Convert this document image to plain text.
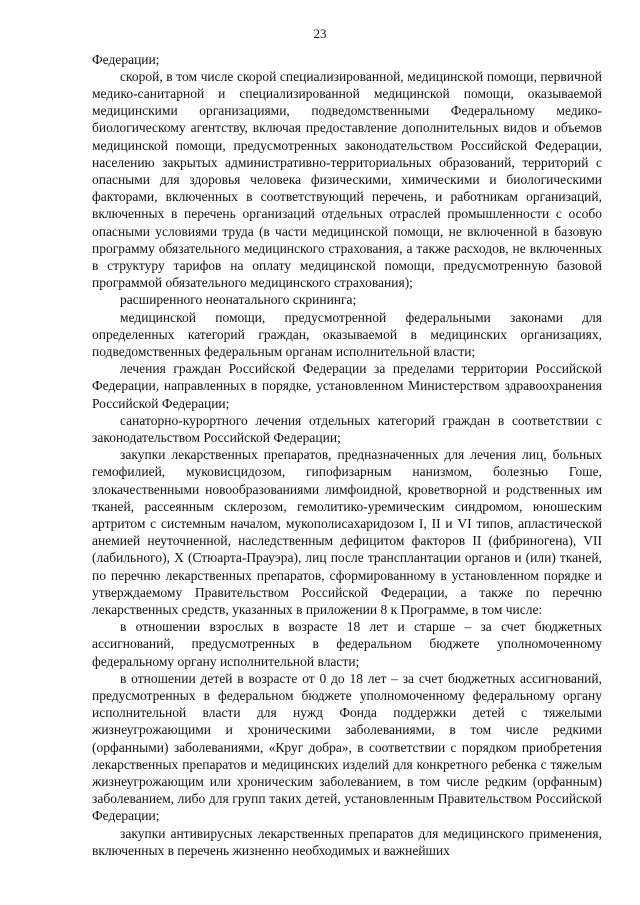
23

Федерации;

скорой, в том числе скорой специализированной, медицинской помощи, первичной медико-санитарной и специализированной медицинской помощи, оказываемой медицинскими организациями, подведомственными Федеральному медико-биологическому агентству, включая предоставление дополнительных видов и объемов медицинской помощи, предусмотренных законодательством Российской Федерации, населению закрытых административно-территориальных образований, территорий с опасными для здоровья человека физическими, химическими и биологическими факторами, включенных в соответствующий перечень, и работникам организаций, включенных в перечень организаций отдельных отраслей промышленности с особо опасными условиями труда (в части медицинской помощи, не включенной в базовую программу обязательного медицинского страхования, а также расходов, не включенных в структуру тарифов на оплату медицинской помощи, предусмотренную базовой программой обязательного медицинского страхования);

расширенного неонатального скрининга;

медицинской помощи, предусмотренной федеральными законами для определенных категорий граждан, оказываемой в медицинских организациях, подведомственных федеральным органам исполнительной власти;

лечения граждан Российской Федерации за пределами территории Российской Федерации, направленных в порядке, установленном Министерством здравоохранения Российской Федерации;

санаторно-курортного лечения отдельных категорий граждан в соответствии с законодательством Российской Федерации;

закупки лекарственных препаратов, предназначенных для лечения лиц, больных гемофилией, муковисцидозом, гипофизарным нанизмом, болезнью Гоше, злокачественными новообразованиями лимфоидной, кроветворной и родственных им тканей, рассеянным склерозом, гемолитико-уремическим синдромом, юношеским артритом с системным началом, мукополисахаридозом I, II и VI типов, апластической анемией неуточненной, наследственным дефицитом факторов II (фибриногена), VII (лабильного), X (Стюарта-Прауэра), лиц после трансплантации органов и (или) тканей, по перечню лекарственных препаратов, сформированному в установленном порядке и утверждаемому Правительством Российской Федерации, а также по перечню лекарственных средств, указанных в приложении 8 к Программе, в том числе:

в отношении взрослых в возрасте 18 лет и старше – за счет бюджетных ассигнований, предусмотренных в федеральном бюджете уполномоченному федеральному органу исполнительной власти;

в отношении детей в возрасте от 0 до 18 лет – за счет бюджетных ассигнований, предусмотренных в федеральном бюджете уполномоченному федеральному органу исполнительной власти для нужд Фонда поддержки детей с тяжелыми жизнеугрожающими и хроническими заболеваниями, в том числе редкими (орфанными) заболеваниями, «Круг добра», в соответствии с порядком приобретения лекарственных препаратов и медицинских изделий для конкретного ребенка с тяжелым жизнеугрожающим или хроническим заболеванием, в том числе редким (орфанным) заболеванием, либо для групп таких детей, установленным Правительством Российской Федерации;

закупки антивирусных лекарственных препаратов для медицинского применения, включенных в перечень жизненно необходимых и важнейших
